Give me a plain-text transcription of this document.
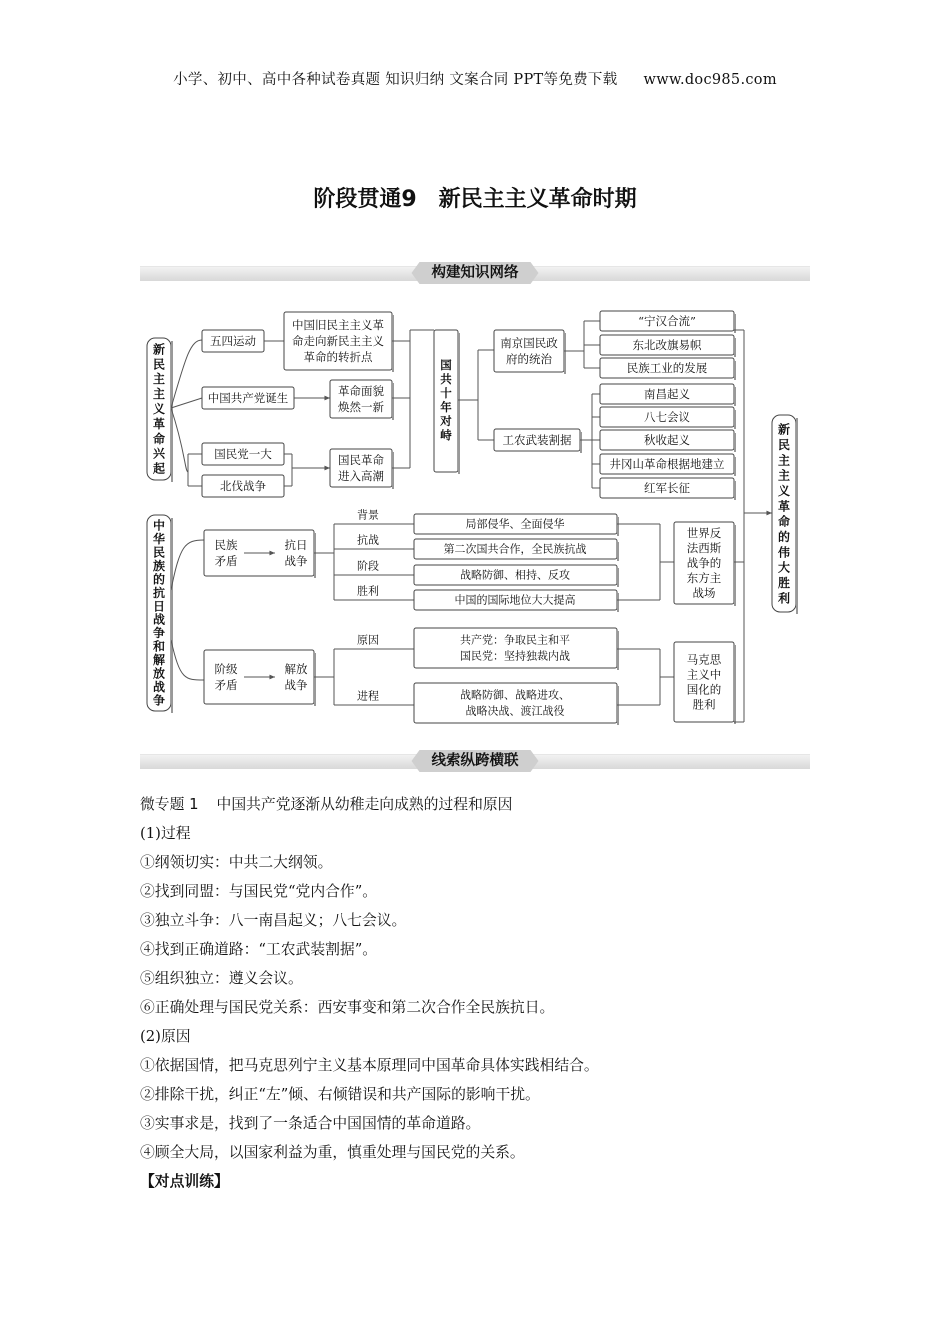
小学、初中、高中各种试卷真题 知识归纳 文案合同 PPT等免费下载 www.doc985.com
阶段贯通9　新民主主义革命时期
构建知识网络
新
民
主
主
义
革
命
兴
起
中
华
民
族
的
抗
日
战
争
和
解
放
战
争
五四运动
中国共产党诞生
国民党一大
北伐战争
中国旧民主主义革
命走向新民主主义
革命的转折点
革命面貌
焕然一新
国民革命
进入高潮
国
共
十
年
对
峙
南京国民政
府的统治
工农武装割据
“宁汉合流”
东北改旗易帜
民族工业的发展
南昌起义
八七会议
秋收起义
井冈山革命根据地建立
红军长征
民族
矛盾
抗日
战争
阶级
矛盾
解放
战争
背景
局部侵华、全面侵华
抗战
第二次国共合作，全民族抗战
阶段
战略防御、相持、反攻
胜利
中国的国际地位大大提高
世界反
法西斯
战争的
东方主
战场
原因
进程
共产党：争取民主和平
国民党：坚持独裁内战
战略防御、战略进攻、
战略决战、渡江战役
马克思
主义中
国化的
胜利
新
民
主
主
义
革
命
的
伟
大
胜
利
线索纵跨横联
微专题 1 中国共产党逐渐从幼稚走向成熟的过程和原因
(1)过程
①纲领切实：中共二大纲领。
②找到同盟：与国民党“党内合作”。
③独立斗争：八一南昌起义；八七会议。
④找到正确道路：“工农武装割据”。
⑤组织独立：遵义会议。
⑥正确处理与国民党关系：西安事变和第二次合作全民族抗日。
(2)原因
①依据国情，把马克思列宁主义基本原理同中国革命具体实践相结合。
②排除干扰，纠正“左”倾、右倾错误和共产国际的影响干扰。
③实事求是，找到了一条适合中国国情的革命道路。
④顾全大局，以国家利益为重，慎重处理与国民党的关系。
【对点训练】
